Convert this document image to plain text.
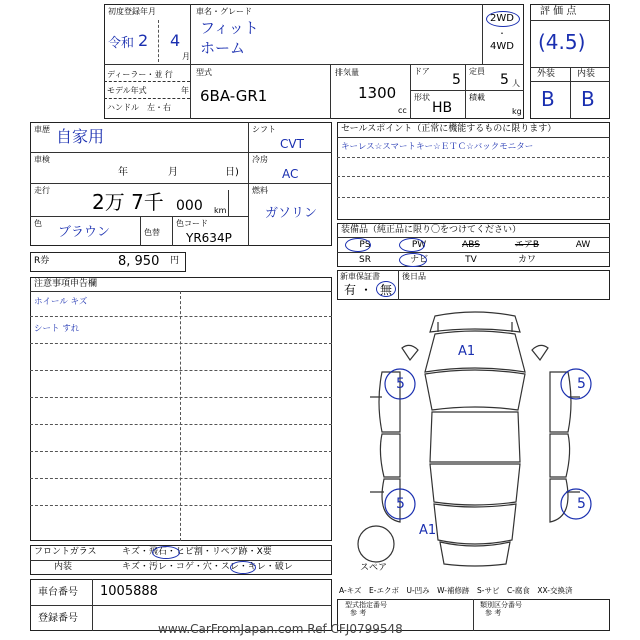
初度登録年月
令和 2 4
月
車名・グレード
フィット
ホーム
2WD
・
4WD
ディーラー・並 行
モデル年式	年
ハンドル　左・右
型式
6BA-GR1
排気量
1300
cc
ドア
5
定員
5 人
形状
HB
積載
kg
評 価 点
(4.5)
外装 内装
B B
車歴 自家用
車検
年	月	日)
走行 2万 7千 000 km
色
ブラウン	色替
色コード
YR634P
シフト
CVT
冷房
AC
燃料
ガソリン
R券	8, 950 円
セールスポイント（正常に機能するものに限ります）
キーレス☆スマートキー☆ＥＴＣ☆バックモニター
装備品（純正品に限り〇をつけてください）
PS	PW	ABS	エアB	AW
SR	ナビ	TV	カワ
新車保証書
有 ・ 無
後日品
注意事項申告欄
ホイール キズ
シート すれ
A1
5	5
5	5
A1
スペア
フロントガラス	キズ・飛石・ヒビ割・リペア跡・X要
内装	キズ・汚レ・コゲ・穴・スレ・キレ・破レ
車台番号 1005888
登録番号
A-キズ　E-エクボ　U-凹み　W-補修跡　S-サビ　C-腐食　XX-交換済
型式指定番号
参 考
類別区分番号
参 考
www.CarFromJapan.com Ref CFJ0799548
